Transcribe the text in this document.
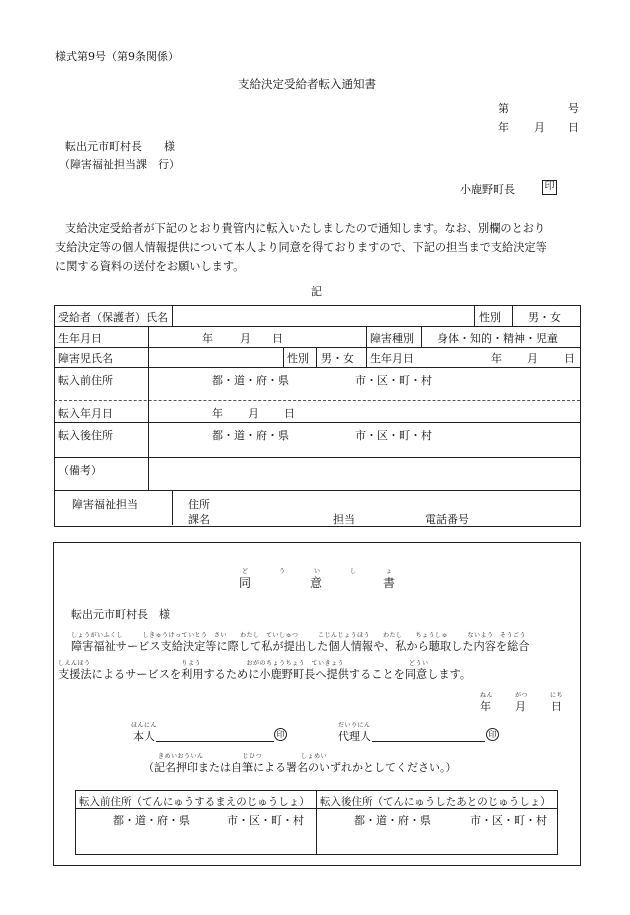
様式第9号（第9条関係）
支給決定受給者転入通知書
第	号
年 月 日
転出元市町村長　　様
（障害福祉担当課　行）
小鹿野町長	印
支給決定受給者が下記のとおり貴管内に転入いたしましたので通知します。なお、別欄のとおり
支給決定等の個人情報提供について本人より同意を得ておりますので、下記の担当まで支給決定等
に関する資料の送付をお願いします。
記
受給者（保護者）氏名	性別 男・女
生年月日	年 月 日	障害種別 身体・知的・精神・児童
障害児氏名	性別 男・女 生年月日	年 月 日
転入前住所	都・道・府・県	市・区・町・村
転入年月日	年 月 日
転入後住所	都・道・府・県	市・区・町・村
（備考）
障害福祉担当	住所
課名	担当	電話番号
ど	う	い	し	ょ
同	意	書
転出元市町村長　様
しょうがいふくし　　　しきゅうけっていとう　さい　　わたし　ていしゅつ　　　こじんじょうほう　　わたし　　ちょうしゅ　　　ないよう　そうごう
障害福祉サービス支給決定等に際して私が提出した個人情報や、私から聴取した内容を総合
しえんほう　　　　　　　　　　　　　　りよう　　　　　　　おがのちょうちょう　ていきょう　　　　　　　　　　どうい
支援法によるサービスを利用するために小鹿野町長へ提供することを同意します。
ねん	がつ	にち
年 月 日
ほんにん
本人	印
だいりにん
代理人	印
きめいおういん　　　　　　じひつ　　　　　　しょめい
（記名押印または自筆による署名のいずれかとしてください。）
転入前住所（てんにゅうするまえのじゅうしょ） 転入後住所（てんにゅうしたあとのじゅうしょ）
都・道・府・県	市・区・町・村	都・道・府・県	市・区・町・村
